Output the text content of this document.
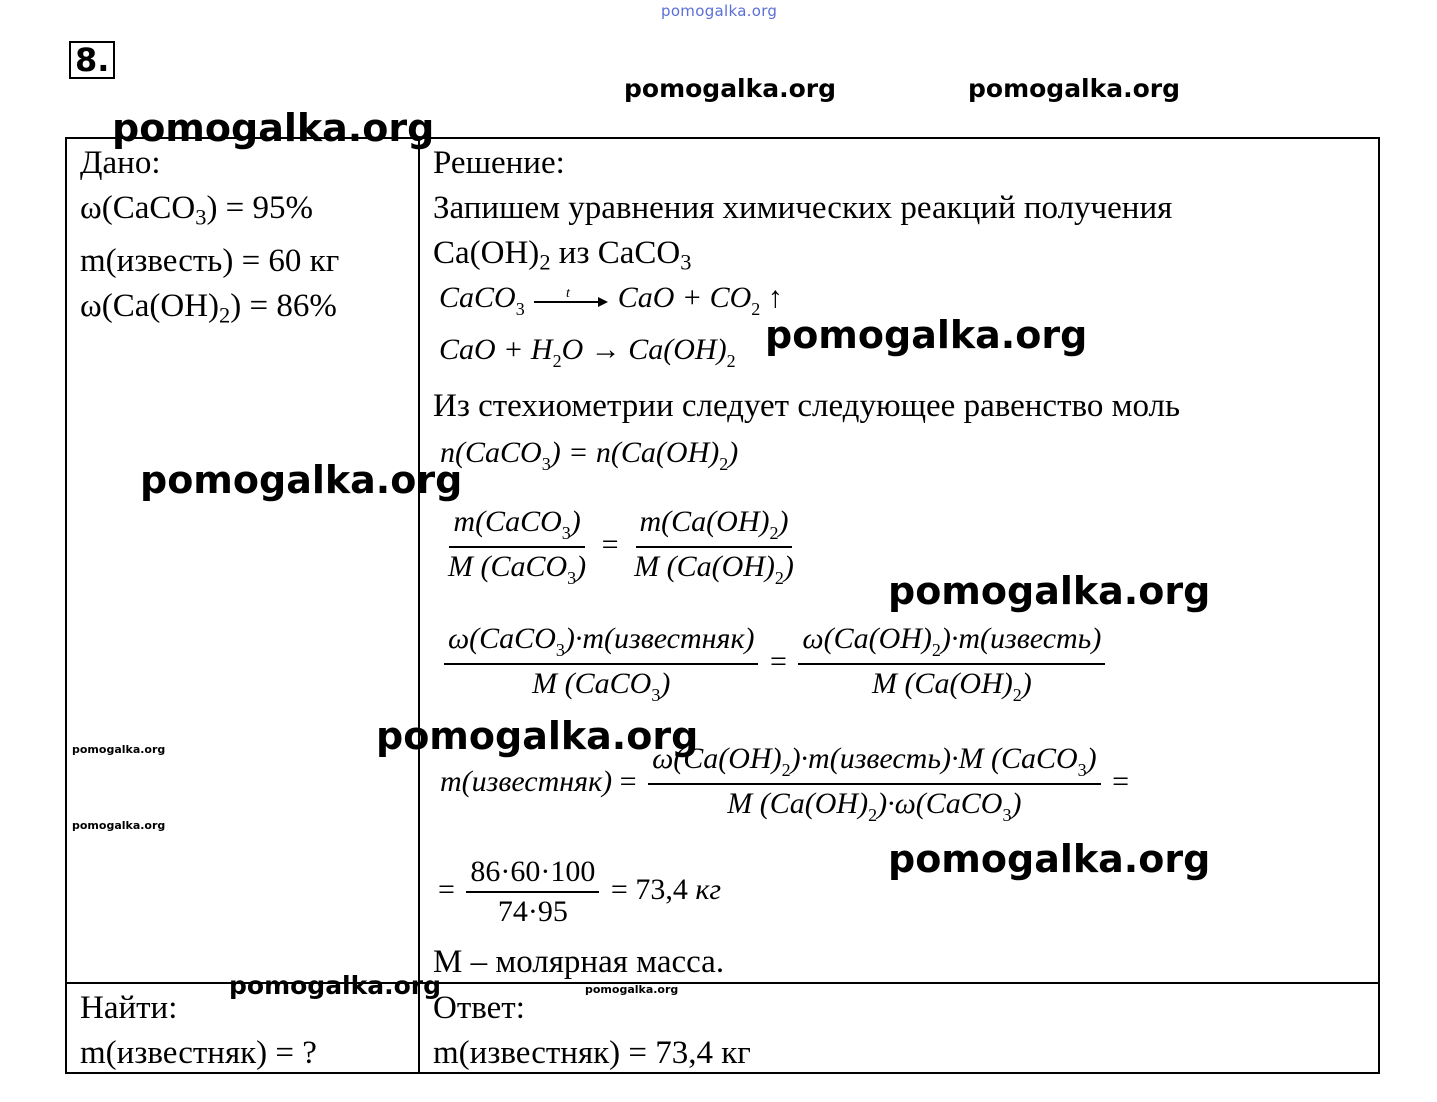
pomogalka.org
8.
Дано:
ω(CaCO$_3$) = 95%
m(известь) = 60 кг
$\omega(Ca(OH)_2) = 86\%$
Решение:
Запишем уравнения химических реакций получения
$Ca(OH)_2$ из CaCO$_3$
CaCO$_3$
t CaO + $CO_2$ ↑
CaO + $H_2O \to Ca(OH)_2$
Из стехиометрии следует следующее равенство моль
n(CaCO$_3$) = $n(Ca(OH)_2)$
$\frac{m(CaCO_3)}{M (CaCO_3)} = \frac{m(Ca(OH)_2)}{M (Ca(OH)_2)}$
$\frac{\omega(CaCO_3)\cdot m(известняк)}{M (CaCO_3)} = \frac{\omega(Ca(OH)_2)\cdot m(известь)}{M (Ca(OH)_2)}$
m(известняк) = $\frac{\omega(Ca(OH)_2)\cdot m(известь)\cdot M (CaCO_3)}{M (Ca(OH)_2)\cdot\omega(CaCO_3)}$ =
= $\frac{86\cdot 60\cdot 100}{74\cdot 95} = 73,4$ кг
M – молярная масса.
Найти:
m(известняк) = ?
Ответ:
m(известняк) = 73,4 кг
pomogalka.org	pomogalka.org
pomogalka.org
pomogalka.org
pomogalka.org
pomogalka.org
pomogalka.org
pomogalka.org
pomogalka.org
pomogalka.org
pomogalka.org
pomogalka.org
